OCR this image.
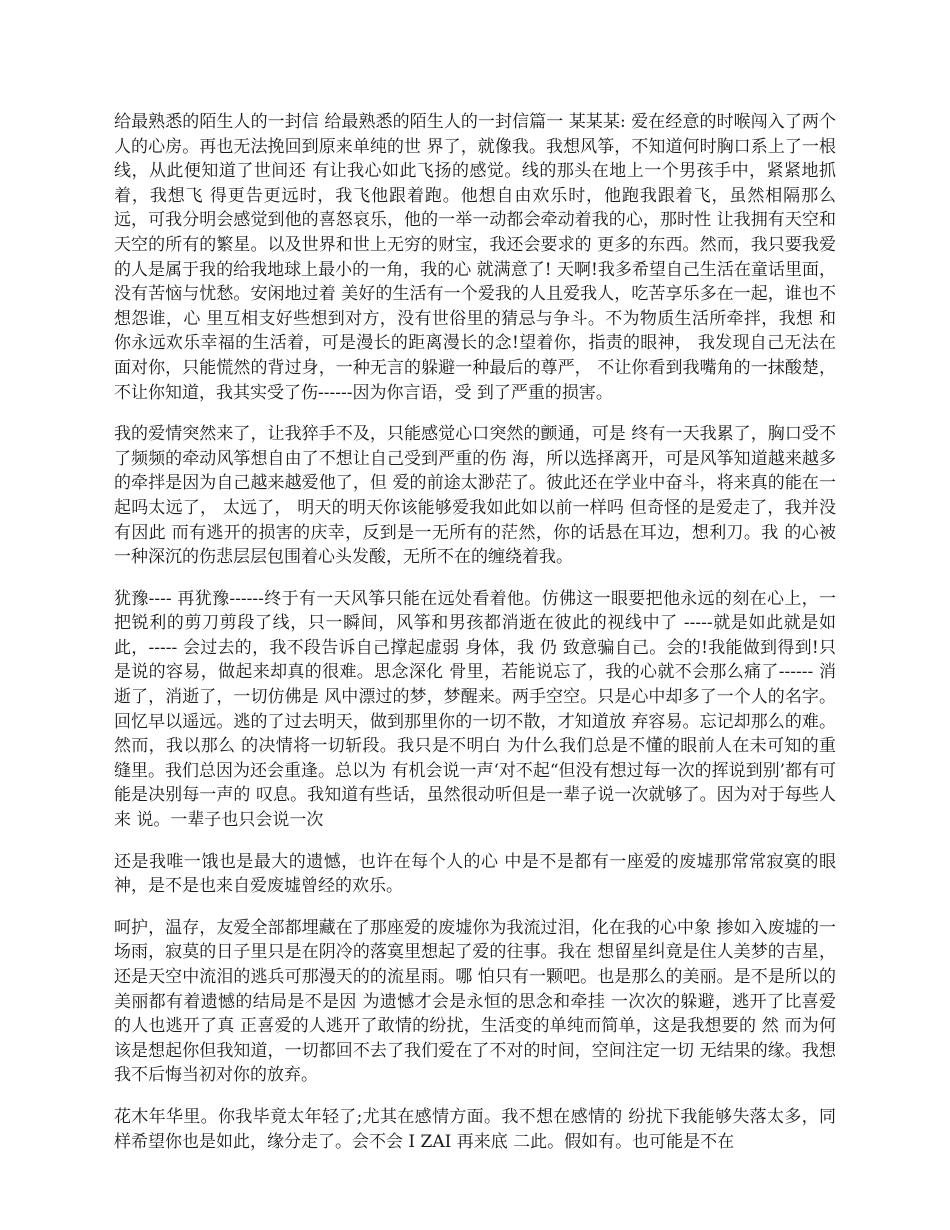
给最熟悉的陌生人的一封信 给最熟悉的陌生人的一封信篇一 某某某: 爱在经意的时喉闯入了两个人的心房。再也无法挽回到原来单纯的世 界了，就像我。我想风筝，不知道何时胸口系上了一根线，从此便知道了世间还 有让我心如此飞扬的感觉。线的那头在地上一个男孩手中，紧紧地抓着，我想飞 得更告更远时，我飞他跟着跑。他想自由欢乐时，他跑我跟着飞，虽然相隔那么 远，可我分明会感觉到他的喜怒哀乐，他的一举一动都会牵动着我的心，那时性 让我拥有天空和天空的所有的繁星。以及世界和世上无穷的财宝，我还会要求的 更多的东西。然而，我只要我爱的人是属于我的给我地球上最小的一角，我的心 就满意了! 天啊!我多希望自己生活在童话里面，没有苦恼与忧愁。安闲地过着 美好的生活有一个爱我的人且爱我人，吃苦享乐多在一起，谁也不想怨谁，心 里互相支好些想到对方，没有世俗里的猜忌与争斗。不为物质生活所牵拌，我想 和你永远欢乐幸福的生活着，可是漫长的距离漫长的念!望着你，指责的眼神， 我发现自己无法在面对你，只能慌然的背过身，一种无言的躲避一种最后的尊严， 不让你看到我嘴角的一抹酸楚，不让你知道，我其实受了伤------因为你言语，受 到了严重的损害。

我的爱情突然来了，让我猝手不及，只能感觉心口突然的颤通，可是 终有一天我累了，胸口受不了频频的牵动风筝想自由了不想让自己受到严重的伤 海，所以选择离开，可是风筝知道越来越多的牵拌是因为自己越来越爱他了，但 爱的前途太渺茫了。彼此还在学业中奋斗，将来真的能在一起吗太远了， 太远了， 明天的明天你该能够爱我如此如以前一样吗 但奇怪的是爱走了，我并没有因此 而有逃开的损害的庆幸，反到是一无所有的茫然，你的话悬在耳边，想利刀。我 的心被一种深沉的伤悲层层包围着心头发酸，无所不在的缠绕着我。

犹豫---- 再犹豫------终于有一天风筝只能在远处看着他。仿佛这一眼要把他永远的刻在心上，一把锐利的剪刀剪段了线，只一瞬间，风筝和男孩都消逝在彼此的视线中了 -----就是如此就是如此，----- 会过去的，我不段告诉自己撑起虚弱 身体，我 仍 致意骗自己。会的!我能做到得到!只是说的容易，做起来却真的很难。思念深化 骨里，若能说忘了，我的心就不会那么痛了------ 消逝了，消逝了，一切仿佛是 风中漂过的梦，梦醒来。两手空空。只是心中却多了一个人的名字。回忆早以遥远。逃的了过去明天，做到那里你的一切不散，才知道放 弃容易。忘记却那么的难。然而，我以那么 的决情将一切斩段。我只是不明白 为什么我们总是不懂的眼前人在未可知的重缝里。我们总因为还会重逢。总以为 有机会说一声‘对不起“但没有想过每一次的挥说到别’都有可能是决别每一声的 叹息。我知道有些话，虽然很动听但是一辈子说一次就够了。因为对于每些人来 说。一辈子也只会说一次

还是我唯一饿也是最大的遗憾，也许在每个人的心 中是不是都有一座爱的废墟那常常寂寞的眼神，是不是也来自爱废墟曾经的欢乐。

呵护，温存，友爱全部都埋藏在了那座爱的废墟你为我流过泪，化在我的心中象 掺如入废墟的一场雨，寂莫的日子里只是在阴冷的落寞里想起了爱的往事。我在 想留星纠竟是住人美梦的吉星，还是天空中流泪的逃兵可那漫天的的流星雨。哪 怕只有一颗吧。也是那么的美丽。是不是所以的美丽都有着遗憾的结局是不是因 为遗憾才会是永恒的思念和牵挂 一次次的躲避，逃开了比喜爱的人也逃开了真 正喜爱的人逃开了敢情的纷扰，生活变的单纯而简单，这是我想要的 然 而为何 该是想起你但我知道，一切都回不去了我们爱在了不对的时间，空间注定一切 无结果的缘。我想我不后悔当初对你的放弃。

花木年华里。你我毕竟太年轻了;尤其在感情方面。我不想在感情的 纷扰下我能够失落太多，同样希望你也是如此，缘分走了。会不会 I ZAI 再来底 二此。假如有。也可能是不在
